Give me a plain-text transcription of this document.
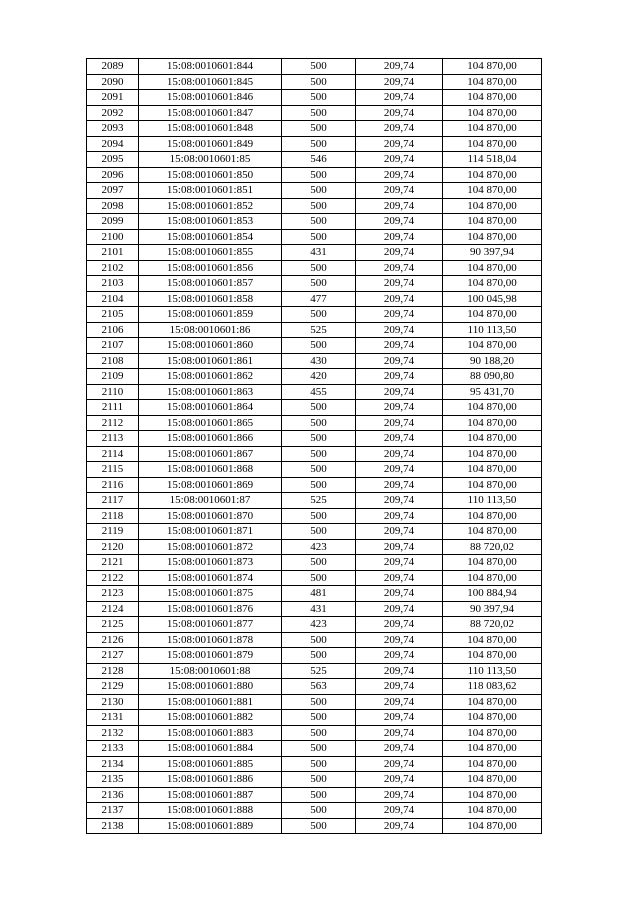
2089	15:08:0010601:844	500	209,74	104 870,00
2090	15:08:0010601:845	500	209,74	104 870,00
2091	15:08:0010601:846	500	209,74	104 870,00
2092	15:08:0010601:847	500	209,74	104 870,00
2093	15:08:0010601:848	500	209,74	104 870,00
2094	15:08:0010601:849	500	209,74	104 870,00
2095	15:08:0010601:85	546	209,74	114 518,04
2096	15:08:0010601:850	500	209,74	104 870,00
2097	15:08:0010601:851	500	209,74	104 870,00
2098	15:08:0010601:852	500	209,74	104 870,00
2099	15:08:0010601:853	500	209,74	104 870,00
2100	15:08:0010601:854	500	209,74	104 870,00
2101	15:08:0010601:855	431	209,74	90 397,94
2102	15:08:0010601:856	500	209,74	104 870,00
2103	15:08:0010601:857	500	209,74	104 870,00
2104	15:08:0010601:858	477	209,74	100 045,98
2105	15:08:0010601:859	500	209,74	104 870,00
2106	15:08:0010601:86	525	209,74	110 113,50
2107	15:08:0010601:860	500	209,74	104 870,00
2108	15:08:0010601:861	430	209,74	90 188,20
2109	15:08:0010601:862	420	209,74	88 090,80
2110	15:08:0010601:863	455	209,74	95 431,70
2111	15:08:0010601:864	500	209,74	104 870,00
2112	15:08:0010601:865	500	209,74	104 870,00
2113	15:08:0010601:866	500	209,74	104 870,00
2114	15:08:0010601:867	500	209,74	104 870,00
2115	15:08:0010601:868	500	209,74	104 870,00
2116	15:08:0010601:869	500	209,74	104 870,00
2117	15:08:0010601:87	525	209,74	110 113,50
2118	15:08:0010601:870	500	209,74	104 870,00
2119	15:08:0010601:871	500	209,74	104 870,00
2120	15:08:0010601:872	423	209,74	88 720,02
2121	15:08:0010601:873	500	209,74	104 870,00
2122	15:08:0010601:874	500	209,74	104 870,00
2123	15:08:0010601:875	481	209,74	100 884,94
2124	15:08:0010601:876	431	209,74	90 397,94
2125	15:08:0010601:877	423	209,74	88 720,02
2126	15:08:0010601:878	500	209,74	104 870,00
2127	15:08:0010601:879	500	209,74	104 870,00
2128	15:08:0010601:88	525	209,74	110 113,50
2129	15:08:0010601:880	563	209,74	118 083,62
2130	15:08:0010601:881	500	209,74	104 870,00
2131	15:08:0010601:882	500	209,74	104 870,00
2132	15:08:0010601:883	500	209,74	104 870,00
2133	15:08:0010601:884	500	209,74	104 870,00
2134	15:08:0010601:885	500	209,74	104 870,00
2135	15:08:0010601:886	500	209,74	104 870,00
2136	15:08:0010601:887	500	209,74	104 870,00
2137	15:08:0010601:888	500	209,74	104 870,00
2138	15:08:0010601:889	500	209,74	104 870,00
